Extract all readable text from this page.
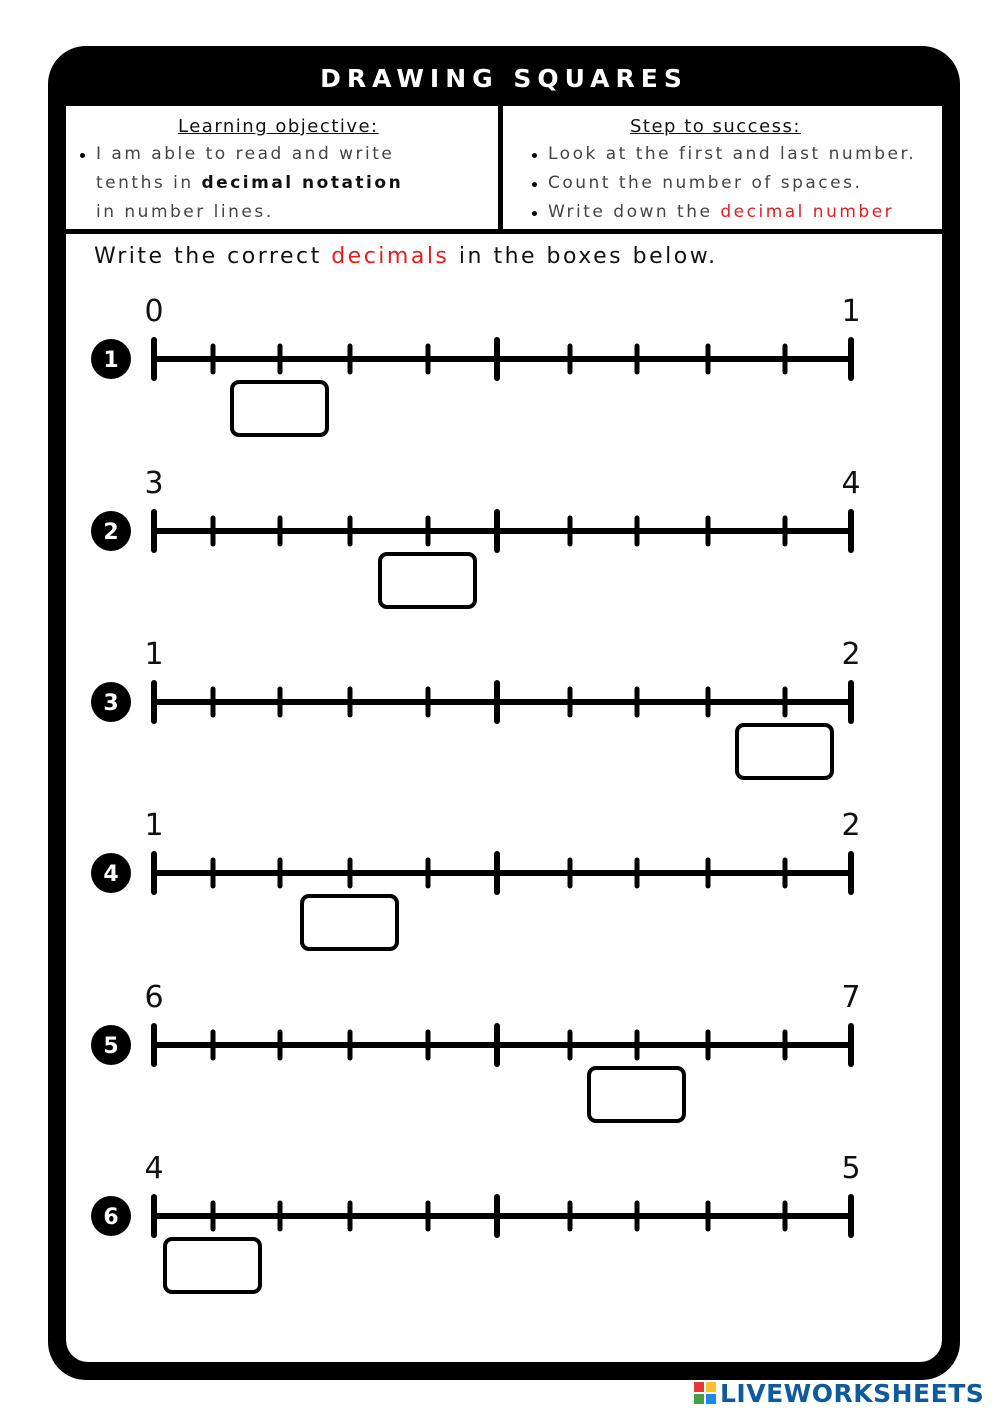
DRAWING SQUARES
Learning objective:
I am able to read and write tenths in decimal notation in number lines.
Step to success:
Look at the first and last number.
Count the number of spaces.
Write down the decimal number
Write the correct decimals in the boxes below.
1
0	1
2
3	4
3
1	2
4
1	2
5
6	7
6
4	5
LIVEWORKSHEETS
